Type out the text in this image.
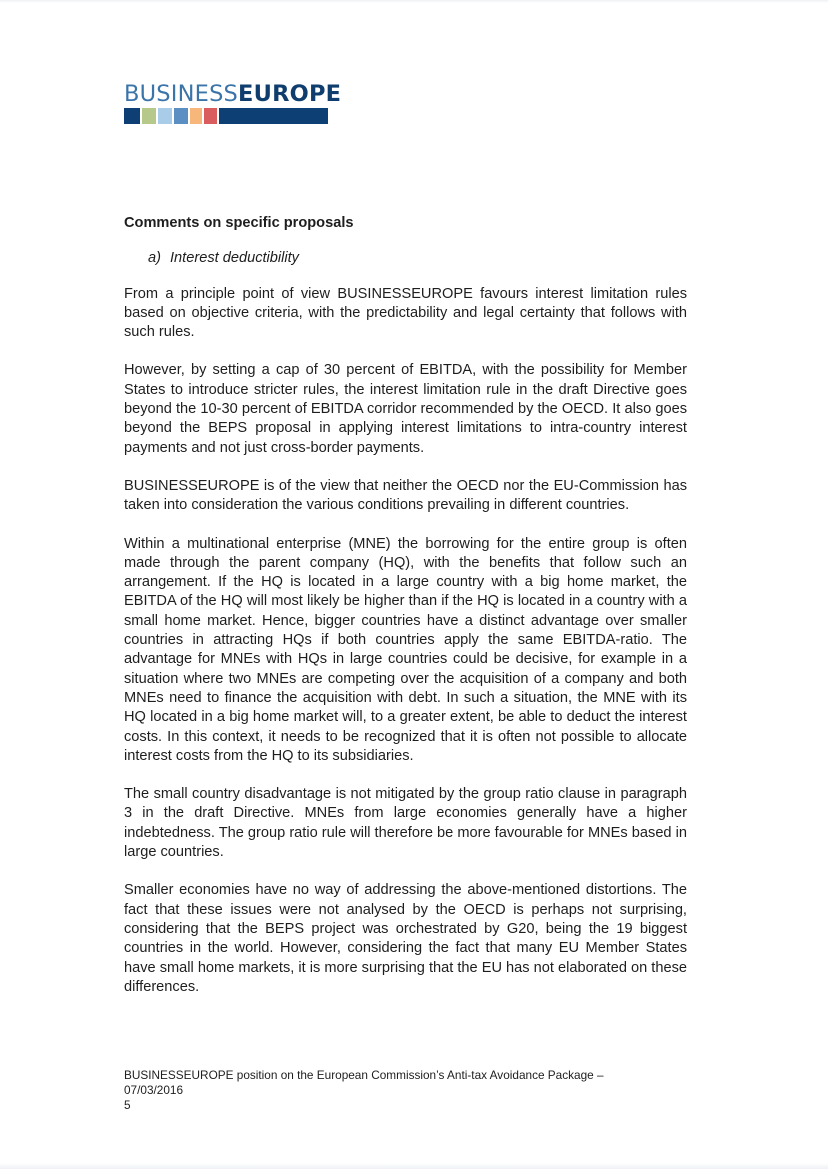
BUSINESSEUROPE
Comments on specific proposals
a) Interest deductibility

From a principle point of view BUSINESSEUROPE favours interest limitation rules based on objective criteria, with the predictability and legal certainty that follows with such rules.

However, by setting a cap of 30 percent of EBITDA, with the possibility for Member States to introduce stricter rules, the interest limitation rule in the draft Directive goes beyond the 10-30 percent of EBITDA corridor recommended by the OECD. It also goes beyond the BEPS proposal in applying interest limitations to intra-country interest payments and not just cross-border payments.

BUSINESSEUROPE is of the view that neither the OECD nor the EU-Commission has taken into consideration the various conditions prevailing in different countries.

Within a multinational enterprise (MNE) the borrowing for the entire group is often made through the parent company (HQ), with the benefits that follow such an arrangement. If the HQ is located in a large country with a big home market, the EBITDA of the HQ will most likely be higher than if the HQ is located in a country with a small home market. Hence, bigger countries have a distinct advantage over smaller countries in attracting HQs if both countries apply the same EBITDA-ratio. The advantage for MNEs with HQs in large countries could be decisive, for example in a situation where two MNEs are competing over the acquisition of a company and both MNEs need to finance the acquisition with debt. In such a situation, the MNE with its HQ located in a big home market will, to a greater extent, be able to deduct the interest costs. In this context, it needs to be recognized that it is often not possible to allocate interest costs from the HQ to its subsidiaries.

The small country disadvantage is not mitigated by the group ratio clause in paragraph 3 in the draft Directive. MNEs from large economies generally have a higher indebtedness. The group ratio rule will therefore be more favourable for MNEs based in large countries.

Smaller economies have no way of addressing the above-mentioned distortions. The fact that these issues were not analysed by the OECD is perhaps not surprising, considering that the BEPS project was orchestrated by G20, being the 19 biggest countries in the world. However, considering the fact that many EU Member States have small home markets, it is more surprising that the EU has not elaborated on these differences.

BUSINESSEUROPE position on the European Commission’s Anti-tax Avoidance Package –
07/03/2016
5
